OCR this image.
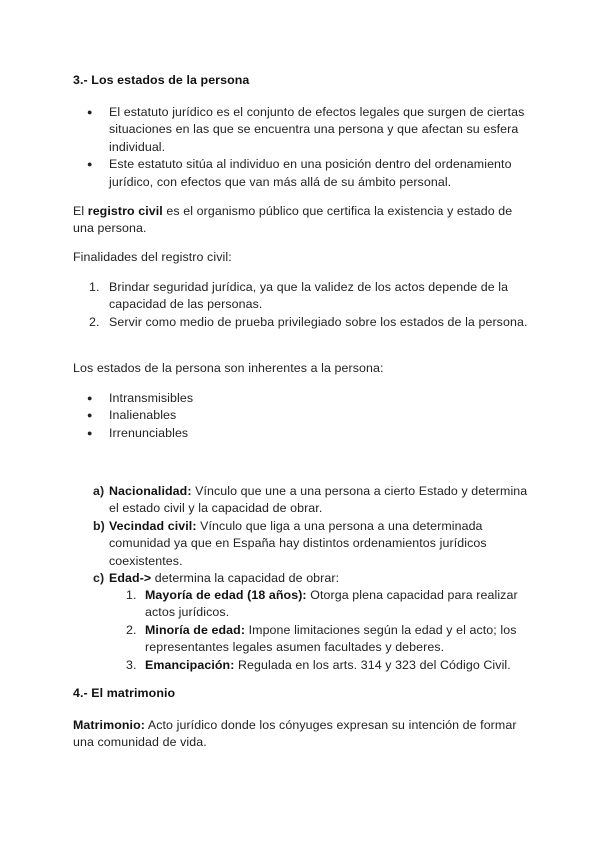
3.- Los estados de la persona
● El estatuto jurídico es el conjunto de efectos legales que surgen de ciertas situaciones en las que se encuentra una persona y que afectan su esfera individual.
● Este estatuto sitúa al individuo en una posición dentro del ordenamiento jurídico, con efectos que van más allá de su ámbito personal.

El registro civil es el organismo público que certifica la existencia y estado de una persona.

Finalidades del registro civil:

1. Brindar seguridad jurídica, ya que la validez de los actos depende de la capacidad de las personas.
2. Servir como medio de prueba privilegiado sobre los estados de la persona.

Los estados de la persona son inherentes a la persona:

● Intransmisibles
● Inalienables
● Irrenunciables
a) Nacionalidad: Vínculo que une a una persona a cierto Estado y determina el estado civil y la capacidad de obrar.
b) Vecindad civil: Vínculo que liga a una persona a una determinada comunidad ya que en España hay distintos ordenamientos jurídicos coexistentes.
c) Edad-> determina la capacidad de obrar:
1. Mayoría de edad (18 años): Otorga plena capacidad para realizar actos jurídicos.
2. Minoría de edad: Impone limitaciones según la edad y el acto; los representantes legales asumen facultades y deberes.
3. Emancipación: Regulada en los arts. 314 y 323 del Código Civil.
4.- El matrimonio

Matrimonio: Acto jurídico donde los cónyuges expresan su intención de formar una comunidad de vida.
